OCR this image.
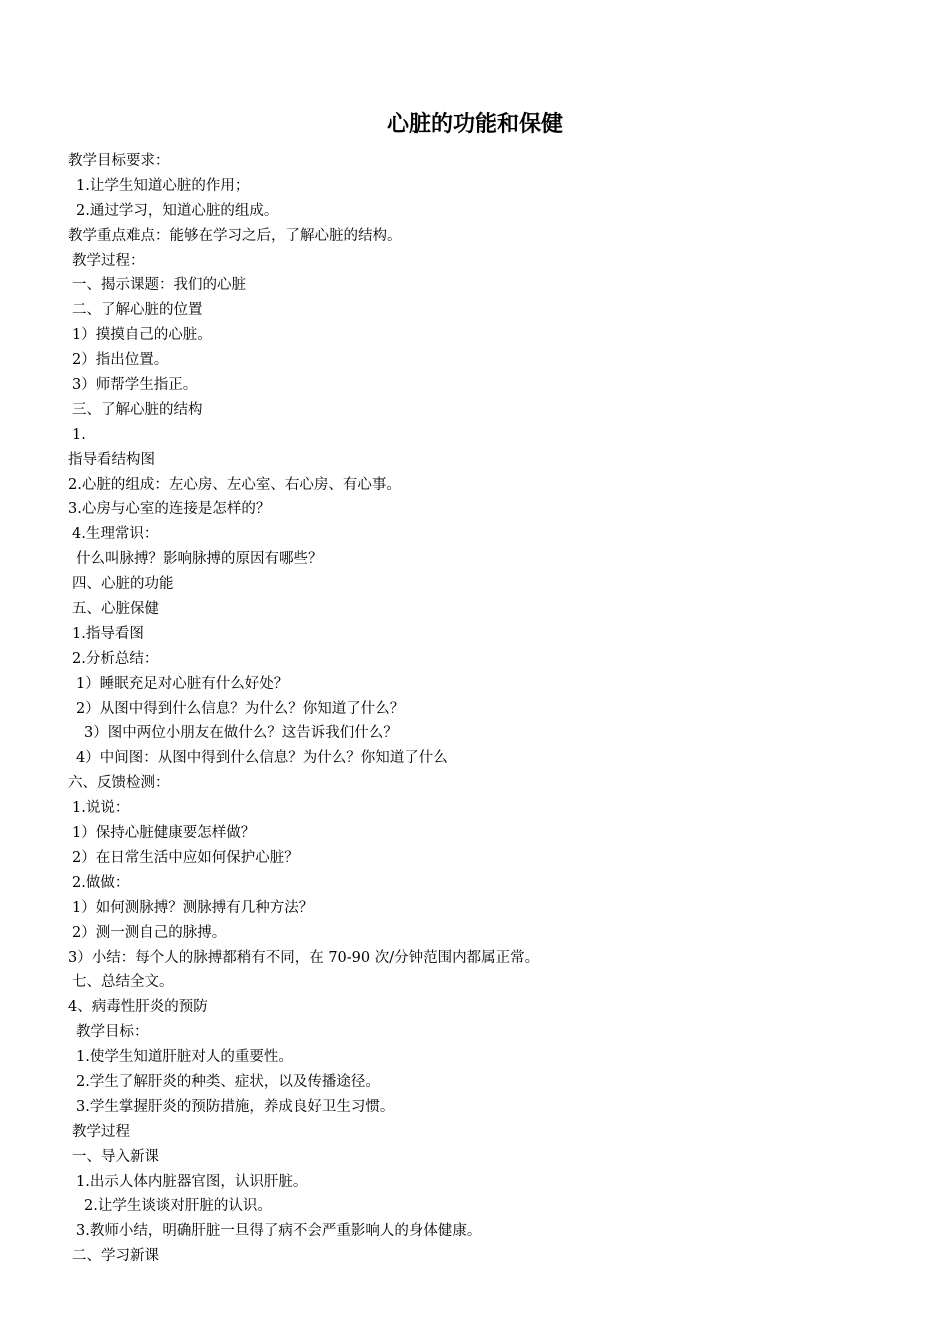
心脏的功能和保健
教学目标要求：
1.让学生知道心脏的作用；
2.通过学习，知道心脏的组成。
教学重点难点：能够在学习之后，了解心脏的结构。
教学过程：
一、揭示课题：我们的心脏
二、了解心脏的位置
1）摸摸自己的心脏。
2）指出位置。
3）师帮学生指正。
三、了解心脏的结构
1.
指导看结构图
2.心脏的组成：左心房、左心室、右心房、有心事。
3.心房与心室的连接是怎样的？
4.生理常识：
什么叫脉搏？影响脉搏的原因有哪些？
四、心脏的功能
五、心脏保健
1.指导看图
2.分析总结：
1）睡眠充足对心脏有什么好处？
2）从图中得到什么信息？为什么？你知道了什么？
3）图中两位小朋友在做什么？这告诉我们什么？
4）中间图：从图中得到什么信息？为什么？你知道了什么
六、反馈检测：
1.说说：
1）保持心脏健康要怎样做？
2）在日常生活中应如何保护心脏？
2.做做：
1）如何测脉搏？测脉搏有几种方法？
2）测一测自己的脉搏。
3）小结：每个人的脉搏都稍有不同，在 70-90 次/分钟范围内都属正常。
七、总结全文。
4、病毒性肝炎的预防
教学目标：
1.使学生知道肝脏对人的重要性。
2.学生了解肝炎的种类、症状，以及传播途径。
3.学生掌握肝炎的预防措施，养成良好卫生习惯。
教学过程
一、导入新课
1.出示人体内脏器官图，认识肝脏。
2.让学生谈谈对肝脏的认识。
3.教师小结，明确肝脏一旦得了病不会严重影响人的身体健康。
二、学习新课
